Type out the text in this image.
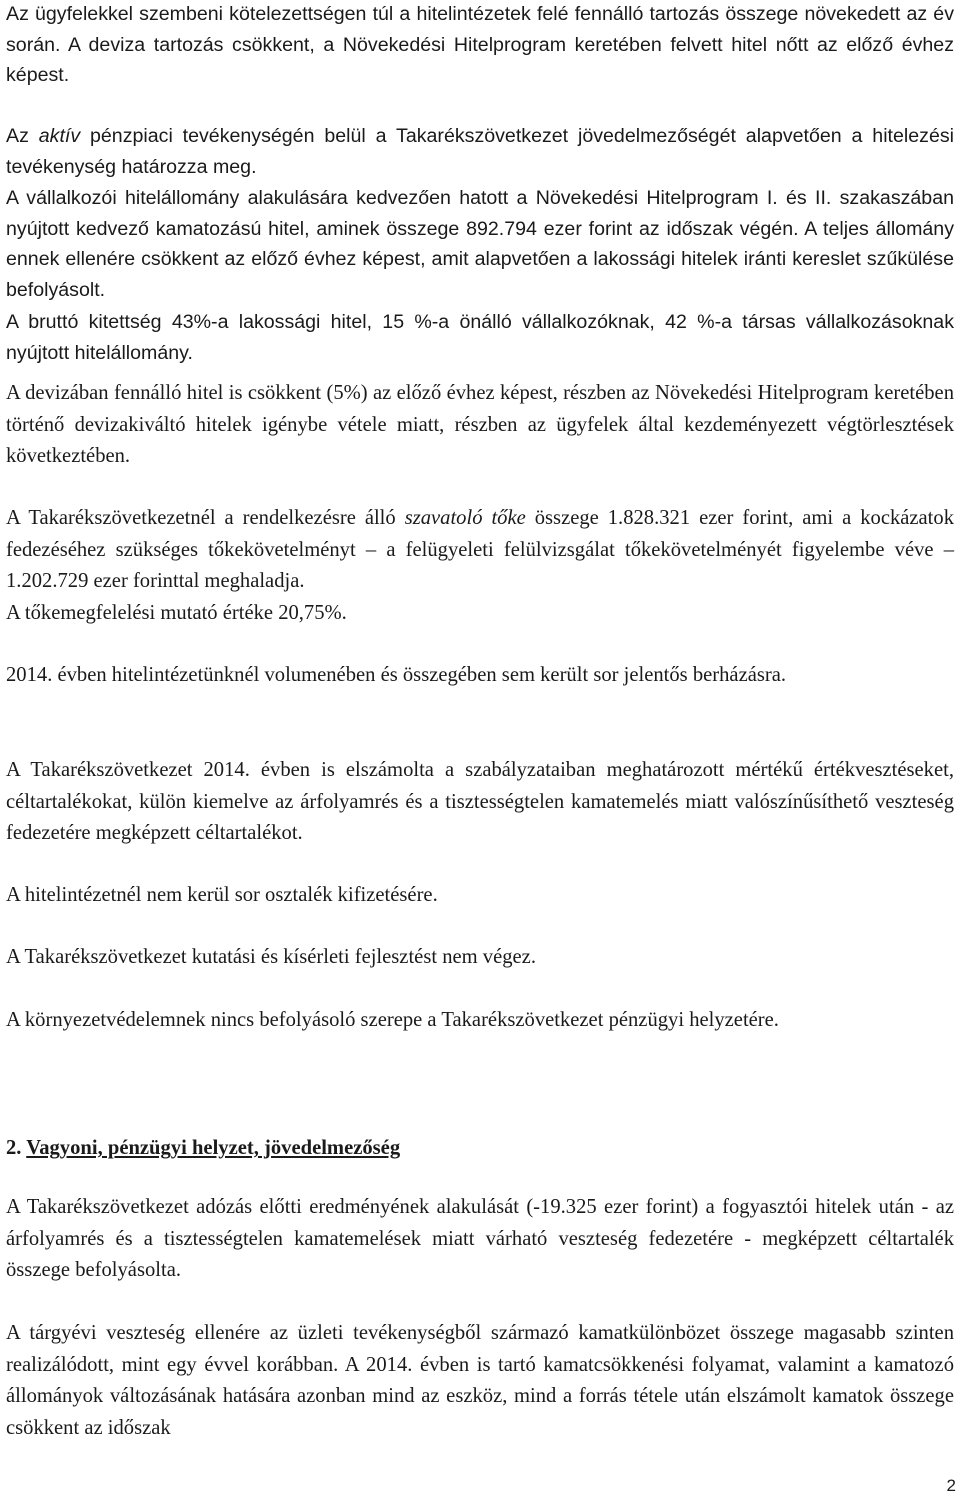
Az ügyfelekkel szembeni kötelezettségen túl a hitelintézetek felé fennálló tartozás összege növekedett az év során. A deviza tartozás csökkent, a Növekedési Hitelprogram keretében felvett hitel nőtt az előző évhez képest.

Az aktív pénzpiaci tevékenységén belül a Takarékszövetkezet jövedelmezőségét alapvetően a hitelezési tevékenység határozza meg.

A vállalkozói hitelállomány alakulására kedvezően hatott a Növekedési Hitelprogram I. és II. szakaszában nyújtott kedvező kamatozású hitel, aminek összege 892.794 ezer forint az időszak végén. A teljes állomány ennek ellenére csökkent az előző évhez képest, amit alapvetően a lakossági hitelek iránti kereslet szűkülése befolyásolt.

A bruttó kitettség 43%-a lakossági hitel, 15 %-a önálló vállalkozóknak, 42 %-a társas vállalkozásoknak nyújtott hitelállomány.

A devizában fennálló hitel is csökkent (5%) az előző évhez képest, részben az Növekedési Hitelprogram keretében történő devizakiváltó hitelek igénybe vétele miatt, részben az ügyfelek által kezdeményezett végtörlesztések következtében.

A Takarékszövetkezetnél a rendelkezésre álló szavatoló tőke összege 1.828.321 ezer forint, ami a kockázatok fedezéséhez szükséges tőkekövetelményt – a felügyeleti felülvizsgálat tőkekövetelményét figyelembe véve – 1.202.729 ezer forinttal meghaladja.

A tőkemegfelelési mutató értéke 20,75%.

2014. évben hitelintézetünknél volumenében és összegében sem került sor jelentős berházásra.

A Takarékszövetkezet 2014. évben is elszámolta a szabályzataiban meghatározott mértékű értékvesztéseket, céltartalékokat, külön kiemelve az árfolyamrés és a tisztességtelen kamatemelés miatt valószínűsíthető veszteség fedezetére megképzett céltartalékot.

A hitelintézetnél nem kerül sor osztalék kifizetésére.

A Takarékszövetkezet kutatási és kísérleti fejlesztést nem végez.

A környezetvédelemnek nincs befolyásoló szerepe a Takarékszövetkezet pénzügyi helyzetére.

2. Vagyoni, pénzügyi helyzet, jövedelmezőség

A Takarékszövetkezet adózás előtti eredményének alakulását (-19.325 ezer forint) a fogyasztói hitelek után - az árfolyamrés és a tisztességtelen kamatemelések miatt várható veszteség fedezetére - megképzett céltartalék összege befolyásolta.

A tárgyévi veszteség ellenére az üzleti tevékenységből származó kamatkülönbözet összege magasabb szinten realizálódott, mint egy évvel korábban. A 2014. évben is tartó kamatcsökkenési folyamat, valamint a kamatozó állományok változásának hatására azonban mind az eszköz, mind a forrás tétele után elszámolt kamatok összege csökkent az időszak

2
